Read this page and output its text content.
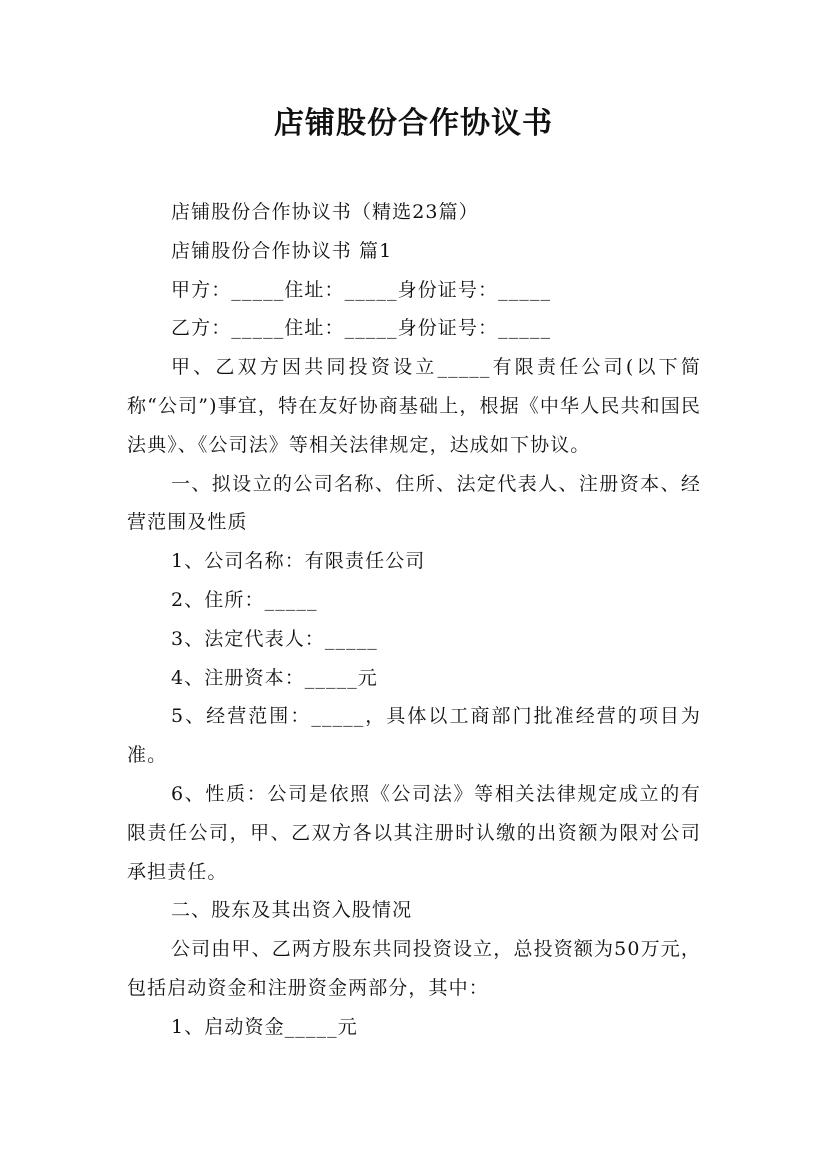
店铺股份合作协议书

店铺股份合作协议书（精选23篇）

店铺股份合作协议书 篇1

甲方：_____住址：_____身份证号：_____

乙方：_____住址：_____身份证号：_____

甲、乙双方因共同投资设立_____有限责任公司(以下简称“公司”)事宜，特在友好协商基础上，根据《中华人民共和国民法典》、《公司法》等相关法律规定，达成如下协议。

一、拟设立的公司名称、住所、法定代表人、注册资本、经营范围及性质

1、公司名称：有限责任公司

2、住所：_____

3、法定代表人：_____

4、注册资本：_____元

5、经营范围：_____，具体以工商部门批准经营的项目为准。

6、性质：公司是依照《公司法》等相关法律规定成立的有限责任公司，甲、乙双方各以其注册时认缴的出资额为限对公司承担责任。

二、股东及其出资入股情况

公司由甲、乙两方股东共同投资设立，总投资额为50万元，包括启动资金和注册资金两部分，其中：

1、启动资金_____元
